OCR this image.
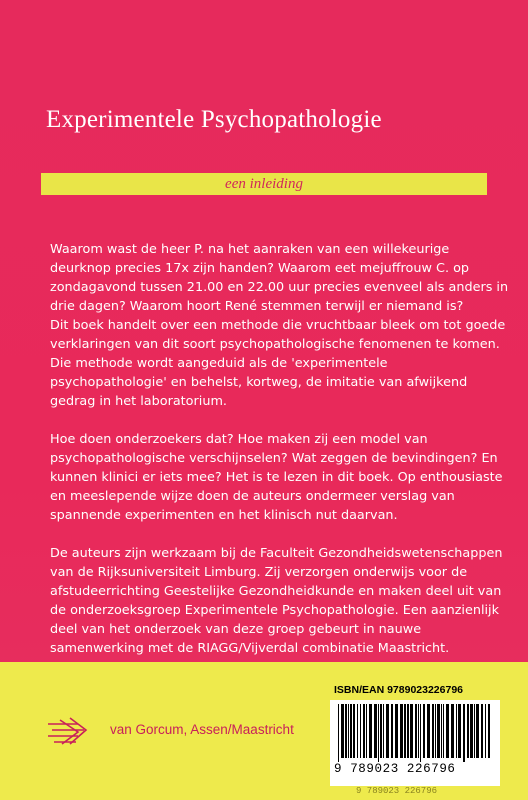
Experimentele Psychopathologie
een inleiding
Waarom wast de heer P. na het aanraken van een willekeurige
deurknop precies 17x zijn handen? Waarom eet mejuffrouw C. op
zondagavond tussen 21.00 en 22.00 uur precies evenveel als anders in
drie dagen? Waarom hoort René stemmen terwijl er niemand is?
Dit boek handelt over een methode die vruchtbaar bleek om tot goede
verklaringen van dit soort psychopathologische fenomenen te komen.
Die methode wordt aangeduid als de 'experimentele
psychopathologie' en behelst, kortweg, de imitatie van afwijkend
gedrag in het laboratorium.
Hoe doen onderzoekers dat? Hoe maken zij een model van
psychopathologische verschijnselen? Wat zeggen de bevindingen? En
kunnen klinici er iets mee? Het is te lezen in dit boek. Op enthousiaste
en meeslepende wijze doen de auteurs ondermeer verslag van
spannende experimenten en het klinisch nut daarvan.
De auteurs zijn werkzaam bij de Faculteit Gezondheidswetenschappen
van de Rijksuniversiteit Limburg. Zij verzorgen onderwijs voor de
afstudeerrichting Geestelijke Gezondheidkunde en maken deel uit van
de onderzoeksgroep Experimentele Psychopathologie. Een aanzienlijk
deel van het onderzoek van deze groep gebeurt in nauwe
samenwerking met de RIAGG/Vijverdal combinatie Maastricht.
van Gorcum, Assen/Maastricht
ISBN/EAN 9789023226796
9 789023 226796
9 789023 226796
